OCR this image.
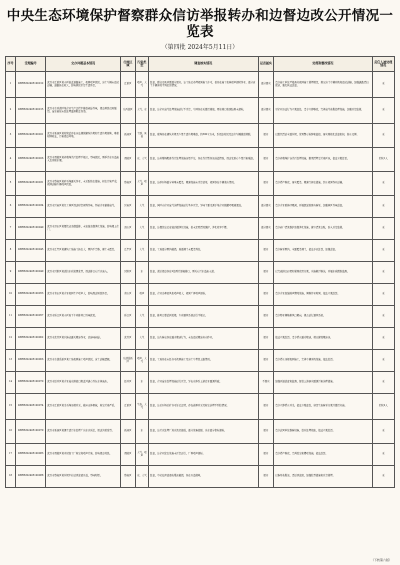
中央生态环境保护督察群众信访举报转办和边督边改公开情况一览表
（第四批 2024年5月11日）
序号	受理编号	交办问题基本情况	行政区域	污染类型	调查核实情况	是否属实	处理和整改情况	责任人被处理情况
1	D3HB202405100012	武汉市江夏区某小区临近道路施工，夜间噪声扰民，渣土车辆未密闭运输，道路扬尘较大，影响居民正常生活休息。	江夏区	噪声、大气	经查，群众反映问题部分属实。该工地已办理夜间施工许可，但存在施工机械噪声超时作业、部分渣土车辆冲洗不到位的情况。	部分属实	责令施工单位严格落实夜间施工管理规定，规范渣土车辆冲洗和密闭运输，加强道路清扫保洁，强化执法巡查。	无
2	D3HB202405100015	武汉市东西湖区某企业生产过程中排放刺鼻异味，周边居民反映强烈，废水疑似未经处理直排附近沟渠。	东西湖区	大气、水	经查，该企业废气处理设施运行不正常，车间存在无组织排放，雨水排口检测结果未超标。	部分属实	对企业违法行为立案查处，责令立即整改，完善废气收集处理设施，加强日常监管。	无
3	D3HB202405100021	武汉市新洲区某村附近存在非法倾倒建筑垃圾和生活垃圾现象，堆积时间较长，污染周边环境。	新洲区	土壤、其他	经查，现场存在建筑垃圾及少量生活垃圾堆放，约300立方米，系周边村民及过往车辆随意倾倒。	属实	已组织清运全部垃圾，设置警示标牌和监控，落实网格化巡查机制，防止反弹。	无
4	D3HB202405100026	武汉市黄陂区某养殖场粪污处理不规范，臭味扰民，雨季粪水外溢流入农田和水塘。	黄陂区	水、大气	经查，该养殖场配套粪污处理设施容量不足，存在粪污暂存池满溢情况，周边农田有少量污染痕迹。	属实	责令养殖场扩容粪污处理设施，限期清理受污染区域，依法立案处罚。	约谈1人
5	D3HB202405100031	武汉市蔡甸区某砂石场露天作业，未采取防尘措施，粉尘污染严重，夜间运输车辆噪声扰民。	蔡甸区	大气、噪声	经查，该砂石场部分料堆未覆盖，喷淋设施未正常使用，夜间存在车辆进出情况。	属实	责令停产整改，落实覆盖、喷淋等抑尘措施，禁止夜间作业运输。	无
6	D3HB202405100034	武汉市汉南区某化工园区周边时常闻到异味，怀疑企业偷排废气。	汉南区	大气	经查，园区内企业废气治理设施运行基本正常，异味主要来源于某企业储罐呼吸阀泄漏。	部分属实	责令企业更换呼吸阀，开展泄漏检测与修复，加强园区异味巡查。	无
7	D3HB202405100040	武汉市洪山区某餐饮店油烟直排，未安装油烟净化设施，影响楼上住户。	洪山区	大气	经查，该餐饮店已安装油烟净化设施，但未定期清洗维护，净化效率下降。	部分属实	责令商户清洗维护油烟净化设施，建立清洗台账，纳入日常监管。	无
8	D3HB202405100045	武汉市江岸区某建筑工地施工扬尘大，围挡不完整，裸土未覆盖。	江岸区	大气	经查，工地部分围挡破损，局部裸土未覆盖到位。	属实	责令修复围挡，全面覆盖裸土，依法予以处罚，加强巡查。	无
9	D3HB202405100049	武汉市汉阳区某湖泊水质发黑发臭，周边排口有污水流入。	汉阳区	水	经查，湖泊周边存在2处雨污混接排口，雨天有污水溢流入湖。	属实	已完成排口封堵和管网改造方案，实施截污整治，开展水质跟踪监测。	无
10	D3HB202405100053	武汉市青山区某企业夜间生产噪声大，影响周边居民休息。	青山区	噪声	经查，企业冷却塔风机噪声较大，夜间厂界噪声超标。	属实	责令企业加装隔声降噪设施，调整作业时间，依法立案处罚。	无
11	D3HB202405100057	武汉市硚口区某小区地下车库排风口异味扰民。	硚口区	大气	经查，排风口靠近居民楼，车库通风系统运行不规范。	属实	责令物业调整排风口朝向，规范运行通风系统。	无
12	D3HB202405100062	武汉市武昌区某汽修店露天喷漆作业，油漆味刺鼻。	武昌区	大气	经查，该汽修店存在露天喷漆行为，未在密闭喷漆房内作业。	属实	依法立案处罚，责令停止露天喷漆，规范建设喷漆房。	无
13	D3HB202405100066	武汉市东湖高新区某工地夜间施工噪声扰民，渣土运输遗撒。	东湖高新区	噪声、大气	经查，工地存在未经许可夜间施工及渣土车带泥上路情况。	属实	责令停止违规夜间施工，完善车辆冲洗设施，依法处罚。	无
14	D3HB202405100070	武汉市经开区某企业废水排放口附近河道有异色水体流出。	经开区	水	经查，企业废水处理设施运行正常，异色水体系上游农业面源所致。	不属实	加强河道巡查和监测，督促上游落实面源污染治理措施。	无
15	D3HB202405100074	武汉市江夏区某采石场违规开采，破坏山体植被，粉尘污染严重。	江夏区	生态、大气	经查，该采石场采矿许可证已过期，存在越界开采及粉尘治理不到位情况。	属实	责令立即停止开采，依法立案查处，制定生态修复方案并组织实施。	约谈2人
16	D3HB202405100079	武汉市新洲区某镇生活污水处理厂出水水质差，周边沟渠发臭。	新洲区	水	经查，该污水处理厂进水浓度偏低，部分设备故障，出水部分指标超标。	属实	责令运营单位维修设备，提升处理效能，依法立案处罚。	无
17	D3HB202405100083	武汉市黄陂区某木材加工厂粉尘和噪声污染，影响周边村民。	黄陂区	大气、噪声	经查，该企业除尘设施未正常运行，厂界噪声超标。	属实	责令停产整改，完善除尘和降噪设施，依法处罚。	无
18	D3HB202405100088	武汉市蔡甸区某垃圾中转站渗滤液外溢，臭味明显。	蔡甸区	水、大气	经查，中转站渗滤液收集池破损，存在外溢现象。	属实	已修复收集池，清运渗滤液，加强除臭措施和日常管理。	无
（下转第六版）
